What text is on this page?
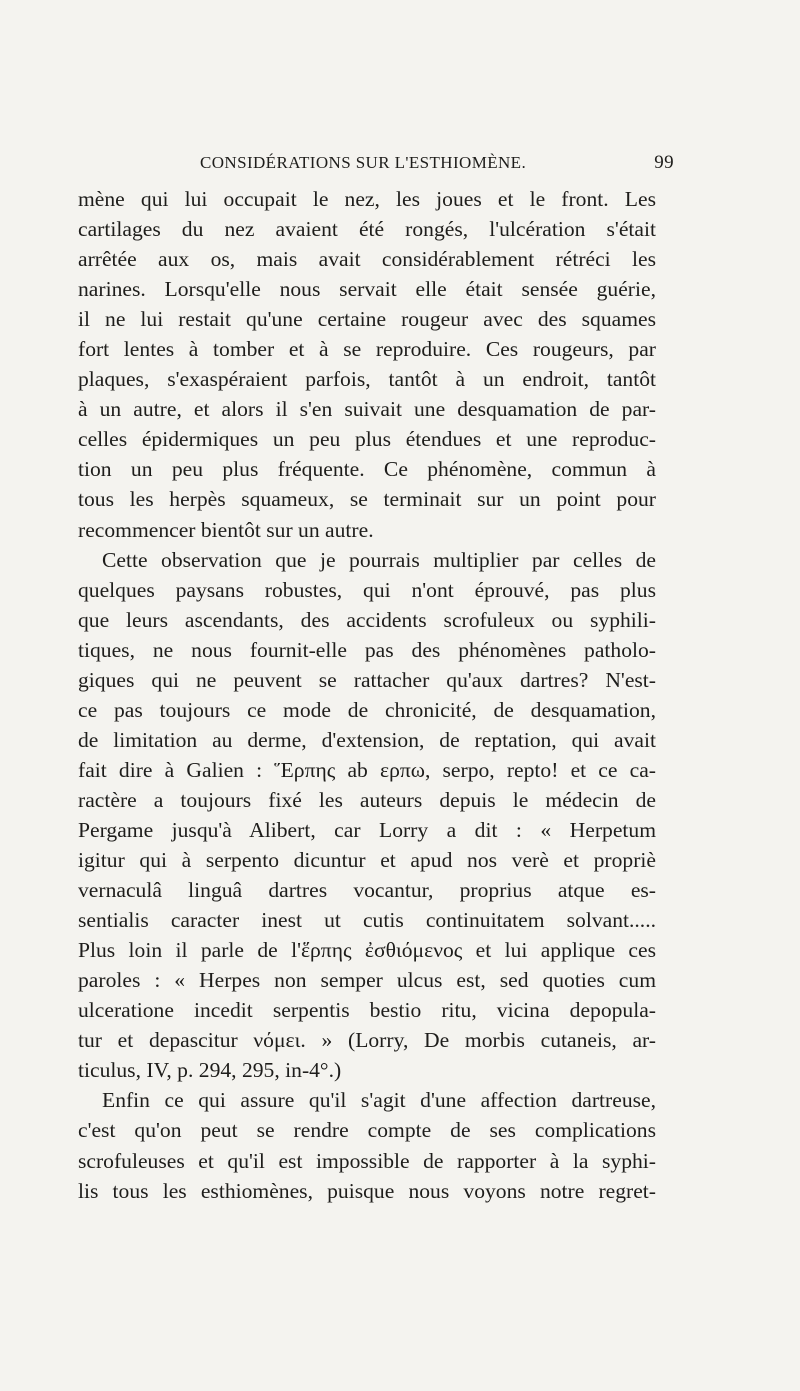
CONSIDÉRATIONS SUR L'ESTHIOMÈNE.	99
mène qui lui occupait le nez, les joues et le front. Les
cartilages du nez avaient été rongés, l'ulcération s'était
arrêtée aux os, mais avait considérablement rétréci les
narines. Lorsqu'elle nous servait elle était sensée guérie,
il ne lui restait qu'une certaine rougeur avec des squames
fort lentes à tomber et à se reproduire. Ces rougeurs, par
plaques, s'exaspéraient parfois, tantôt à un endroit, tantôt
à un autre, et alors il s'en suivait une desquamation de par-
celles épidermiques un peu plus étendues et une reproduc-
tion un peu plus fréquente. Ce phénomène, commun à
tous les herpès squameux, se terminait sur un point pour
recommencer bientôt sur un autre.
Cette observation que je pourrais multiplier par celles de
quelques paysans robustes, qui n'ont éprouvé, pas plus
que leurs ascendants, des accidents scrofuleux ou syphili-
tiques, ne nous fournit-elle pas des phénomènes patholo-
giques qui ne peuvent se rattacher qu'aux dartres? N'est-
ce pas toujours ce mode de chronicité, de desquamation,
de limitation au derme, d'extension, de reptation, qui avait
fait dire à Galien : Ἕρπης ab ερπω, serpo, repto! et ce ca-
ractère a toujours fixé les auteurs depuis le médecin de
Pergame jusqu'à Alibert, car Lorry a dit : « Herpetum
igitur qui à serpento dicuntur et apud nos verè et propriè
vernaculâ linguâ dartres vocantur, proprius atque es-
sentialis caracter inest ut cutis continuitatem solvant.....
Plus loin il parle de l'ἕρπης ἐσθιόμενος et lui applique ces
paroles : « Herpes non semper ulcus est, sed quoties cum
ulceratione incedit serpentis bestio ritu, vicina depopula-
tur et depascitur νόμει. » (Lorry, De morbis cutaneis, ar-
ticulus, IV, p. 294, 295, in-4°.)
Enfin ce qui assure qu'il s'agit d'une affection dartreuse,
c'est qu'on peut se rendre compte de ses complications
scrofuleuses et qu'il est impossible de rapporter à la syphi-
lis tous les esthiomènes, puisque nous voyons notre regret-
